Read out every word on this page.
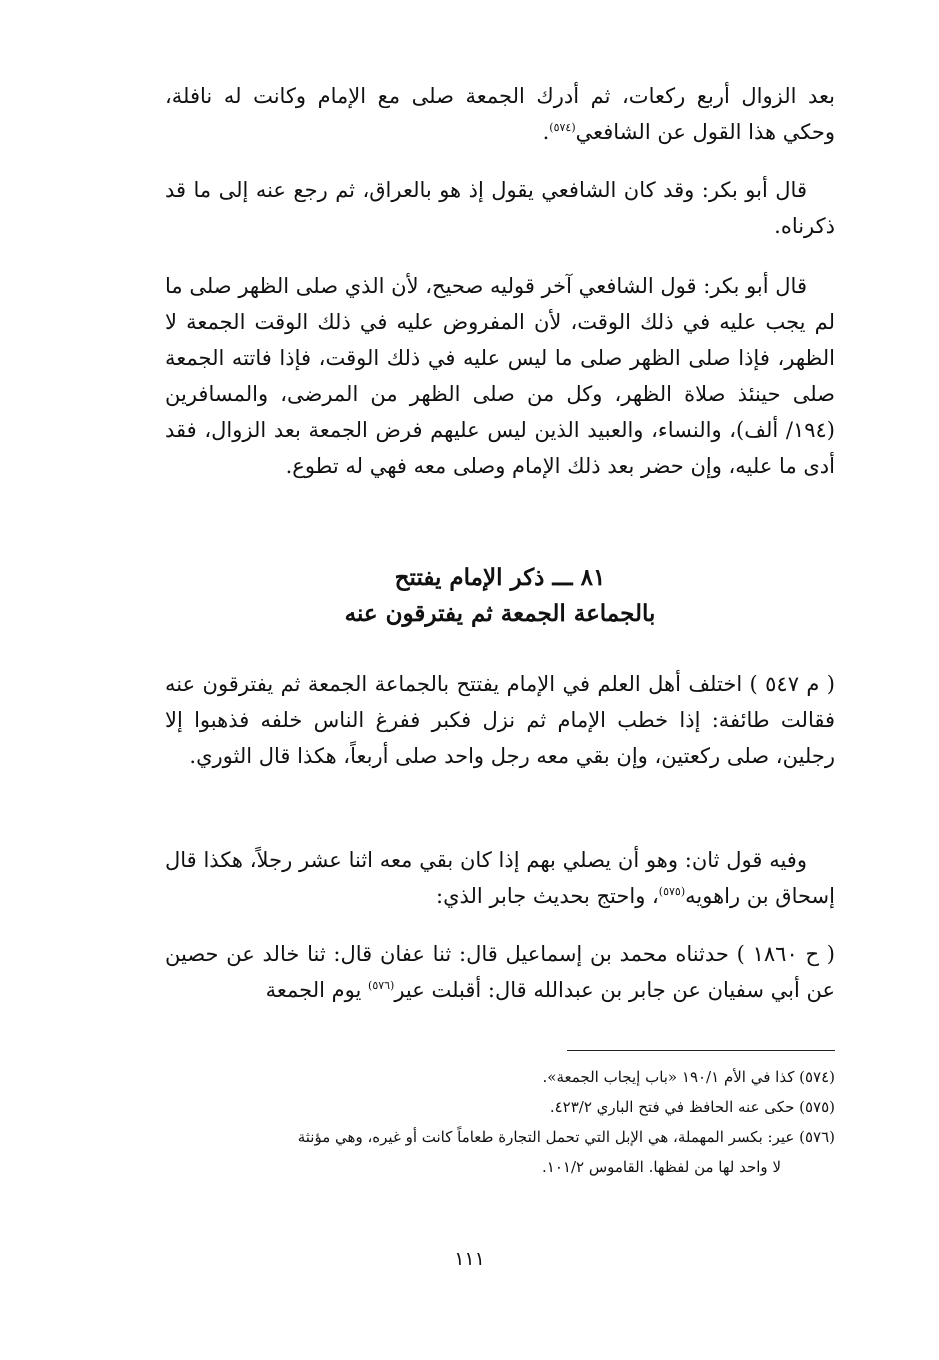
بعد الزوال أربع ركعات، ثم أدرك الجمعة صلى مع الإمام وكانت له نافلة، وحكي هذا القول عن الشافعي$^{(٥٧٤)}$.

قال أبو بكر: وقد كان الشافعي يقول إذ هو بالعراق، ثم رجع عنه إلى ما قد ذكرناه.

قال أبو بكر: قول الشافعي آخر قوليه صحيح، لأن الذي صلى الظهر صلى ما لم يجب عليه في ذلك الوقت، لأن المفروض عليه في ذلك الوقت الجمعة لا الظهر، فإذا صلى الظهر صلى ما ليس عليه في ذلك الوقت، فإذا فاتته الجمعة صلى حينئذ صلاة الظهر، وكل من صلى الظهر من المرضى، والمسافرين (١٩٤/ ألف)، والنساء، والعبيد الذين ليس عليهم فرض الجمعة بعد الزوال، فقد أدى ما عليه، وإن حضر بعد ذلك الإمام وصلى معه فهي له تطوع.

٨١ ـــ ذكر الإمام يفتتح
بالجماعة الجمعة ثم يفترقون عنه

( م ٥٤٧ ) اختلف أهل العلم في الإمام يفتتح بالجماعة الجمعة ثم يفترقون عنه فقالت طائفة: إذا خطب الإمام ثم نزل فكبر ففرغ الناس خلفه فذهبوا إلا رجلين، صلى ركعتين، وإن بقي معه رجل واحد صلى أربعاً، هكذا قال الثوري.

وفيه قول ثان: وهو أن يصلي بهم إذا كان بقي معه اثنا عشر رجلاً، هكذا قال إسحاق بن راهويه$^{(٥٧٥)}$، واحتج بحديث جابر الذي:

( ح ١٨٦٠ ) حدثناه محمد بن إسماعيل قال: ثنا عفان قال: ثنا خالد عن حصين عن أبي سفيان عن جابر بن عبدالله قال: أقبلت عير$^{(٥٧٦)}$ يوم الجمعة

(٥٧٤) كذا في الأم ١٩٠/١ «باب إيجاب الجمعة».
(٥٧٥) حكى عنه الحافظ في فتح الباري ٤٢٣/٢.
(٥٧٦) عير: بكسر المهملة، هي الإبل التي تحمل التجارة طعاماً كانت أو غيره، وهي مؤنثة
لا واحد لها من لفظها. القاموس ١٠١/٢.
١١١
